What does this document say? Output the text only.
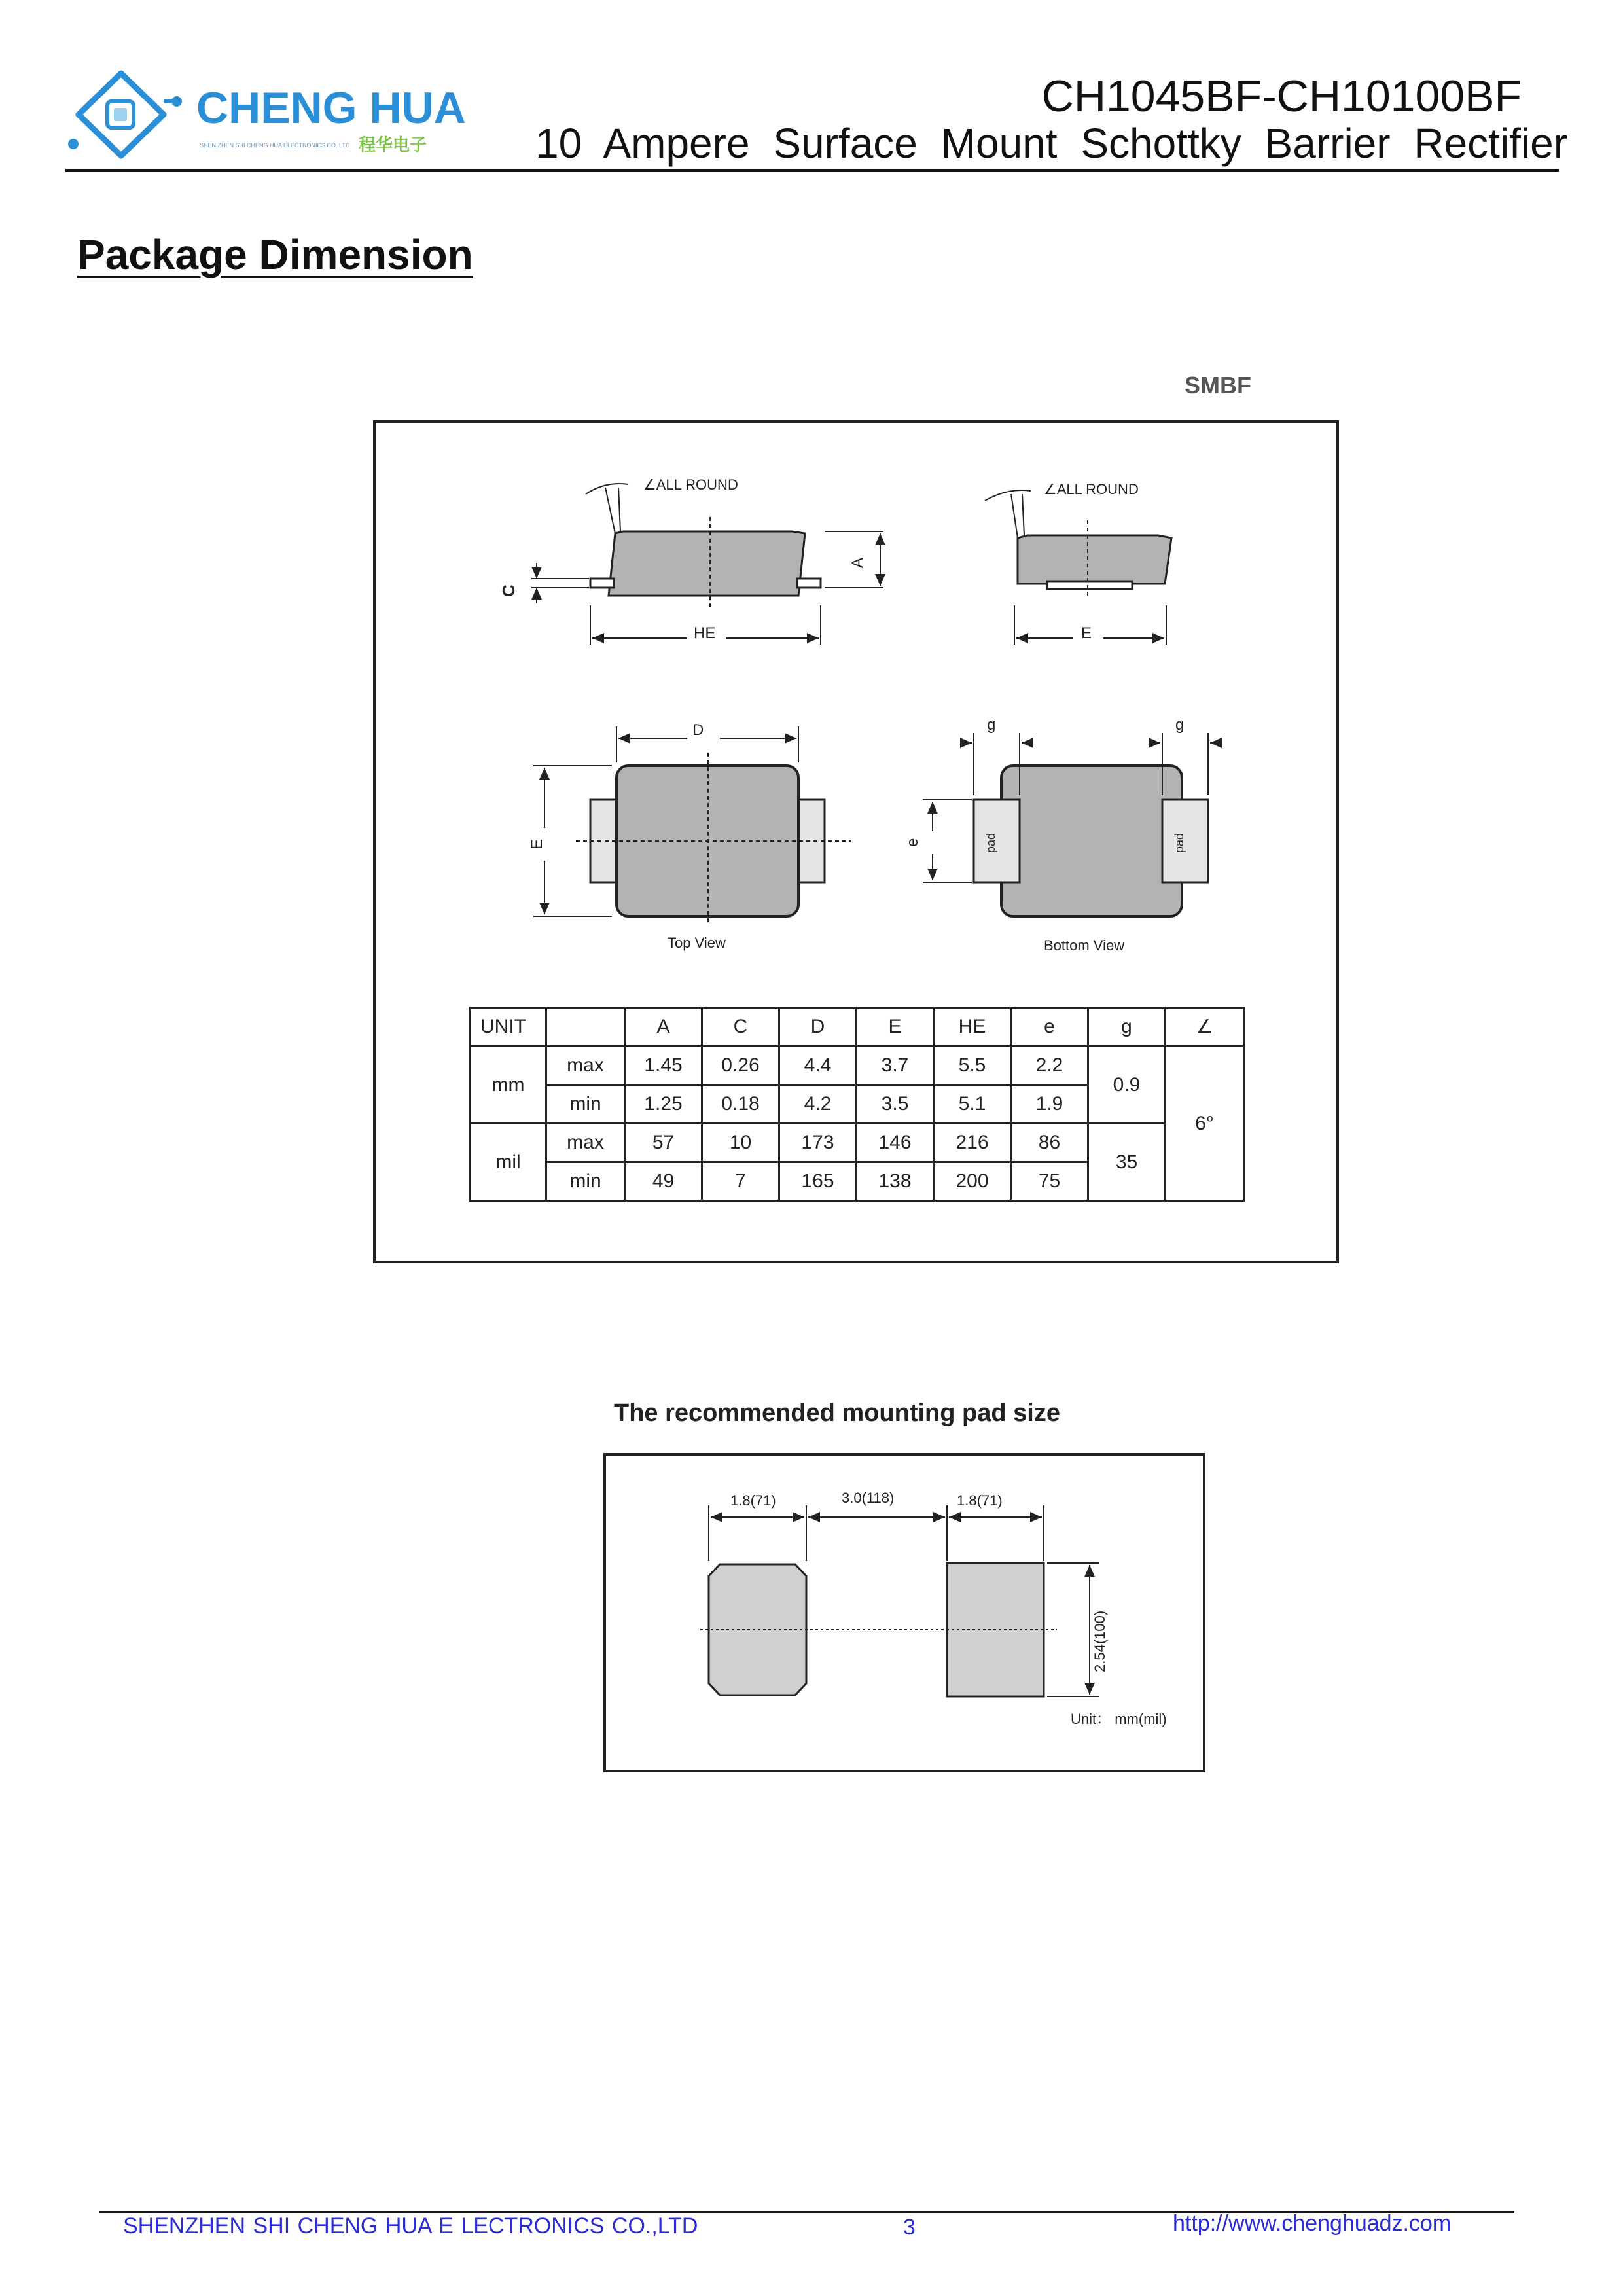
CHENG HUA
SHEN ZHEN SHI CHENG HUA ELECTRONICS CO.,LTD 程华电子
CH1045BF-CH10100BF
10 Ampere Surface Mount Schottky Barrier Rectifier
Package Dimension
SMBF
∠ALL ROUND
A
C
HE
∠ALL ROUND
E
D
E
Top View
pad	pad
g	g
e
Bottom View
1.8(71)	3.0(118)	1.8(71)
2.54(100)
Unit： mm(mil)
UNIT		A	C	D	E	HE	e	g	∠
mm	max	1.45	0.26	4.4	3.7	5.5	2.2	0.9	6°
	min	1.25	0.18	4.2	3.5	5.1	1.9		
mil	max	57	10	173	146	216	86	35	
	min	49	7	165	138	200	75		
The recommended mounting pad size
SHENZHEN SHI CHENG HUA E LECTRONICS CO.,LTD	3	http://www.chenghuadz.com
